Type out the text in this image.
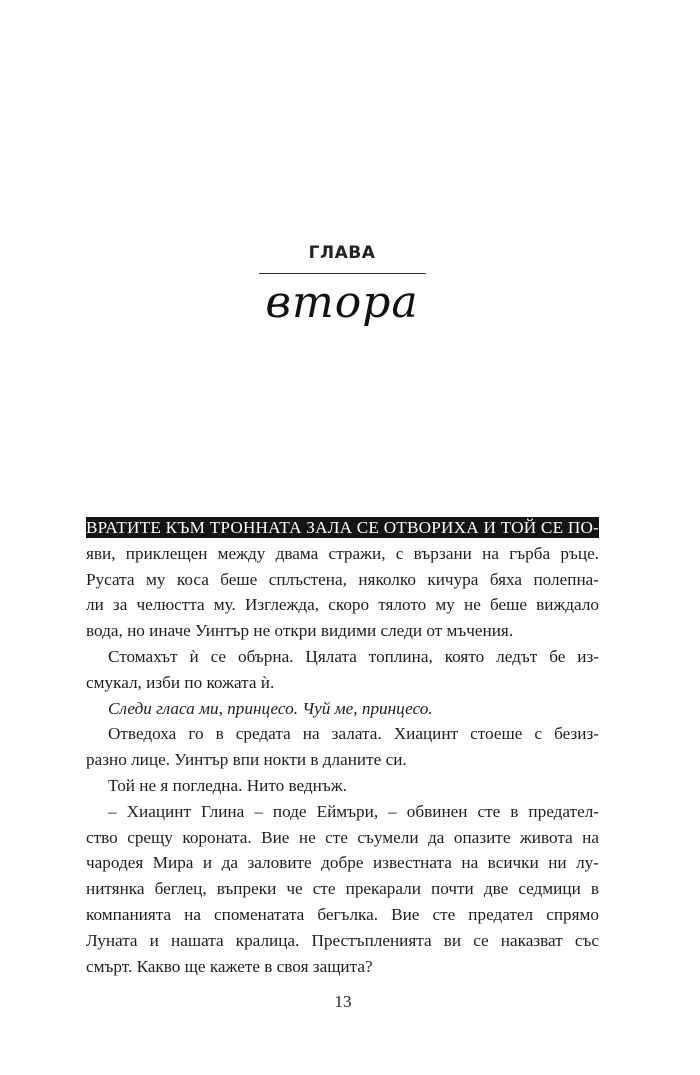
ГЛАВА
втора
ВРАТИТЕ КЪМ ТРОННАТА ЗАЛА СЕ ОТВОРИХА И ТОЙ СЕ ПО-
яви, приклещен между двама стражи, с вързани на гърба ръце.
Русата му коса беше сплъстена, няколко кичура бяха полепна-
ли за челюстта му. Изглежда, скоро тялото му не беше виждало
вода, но иначе Уинтър не откри видими следи от мъчения.
Стомахът ѝ се обърна. Цялата топлина, която ледът бе из-
смукал, изби по кожата ѝ.
Следи гласа ми, принцесо. Чуй ме, принцесо.
Отведоха го в средата на залата. Хиацинт стоеше с безиз-
разно лице. Уинтър впи нокти в дланите си.
Той не я погледна. Нито веднъж.
– Хиацинт Глина – поде Еймъри, – обвинен сте в предател-
ство срещу короната. Вие не сте съумели да опазите живота на
чародея Мира и да заловите добре известната на всички ни лу-
нитянка беглец, въпреки че сте прекарали почти две седмици в
компанията на споменатата бегълка. Вие сте предател спрямо
Луната и нашата кралица. Престъпленията ви се наказват със
смърт. Какво ще кажете в своя защита?
13
